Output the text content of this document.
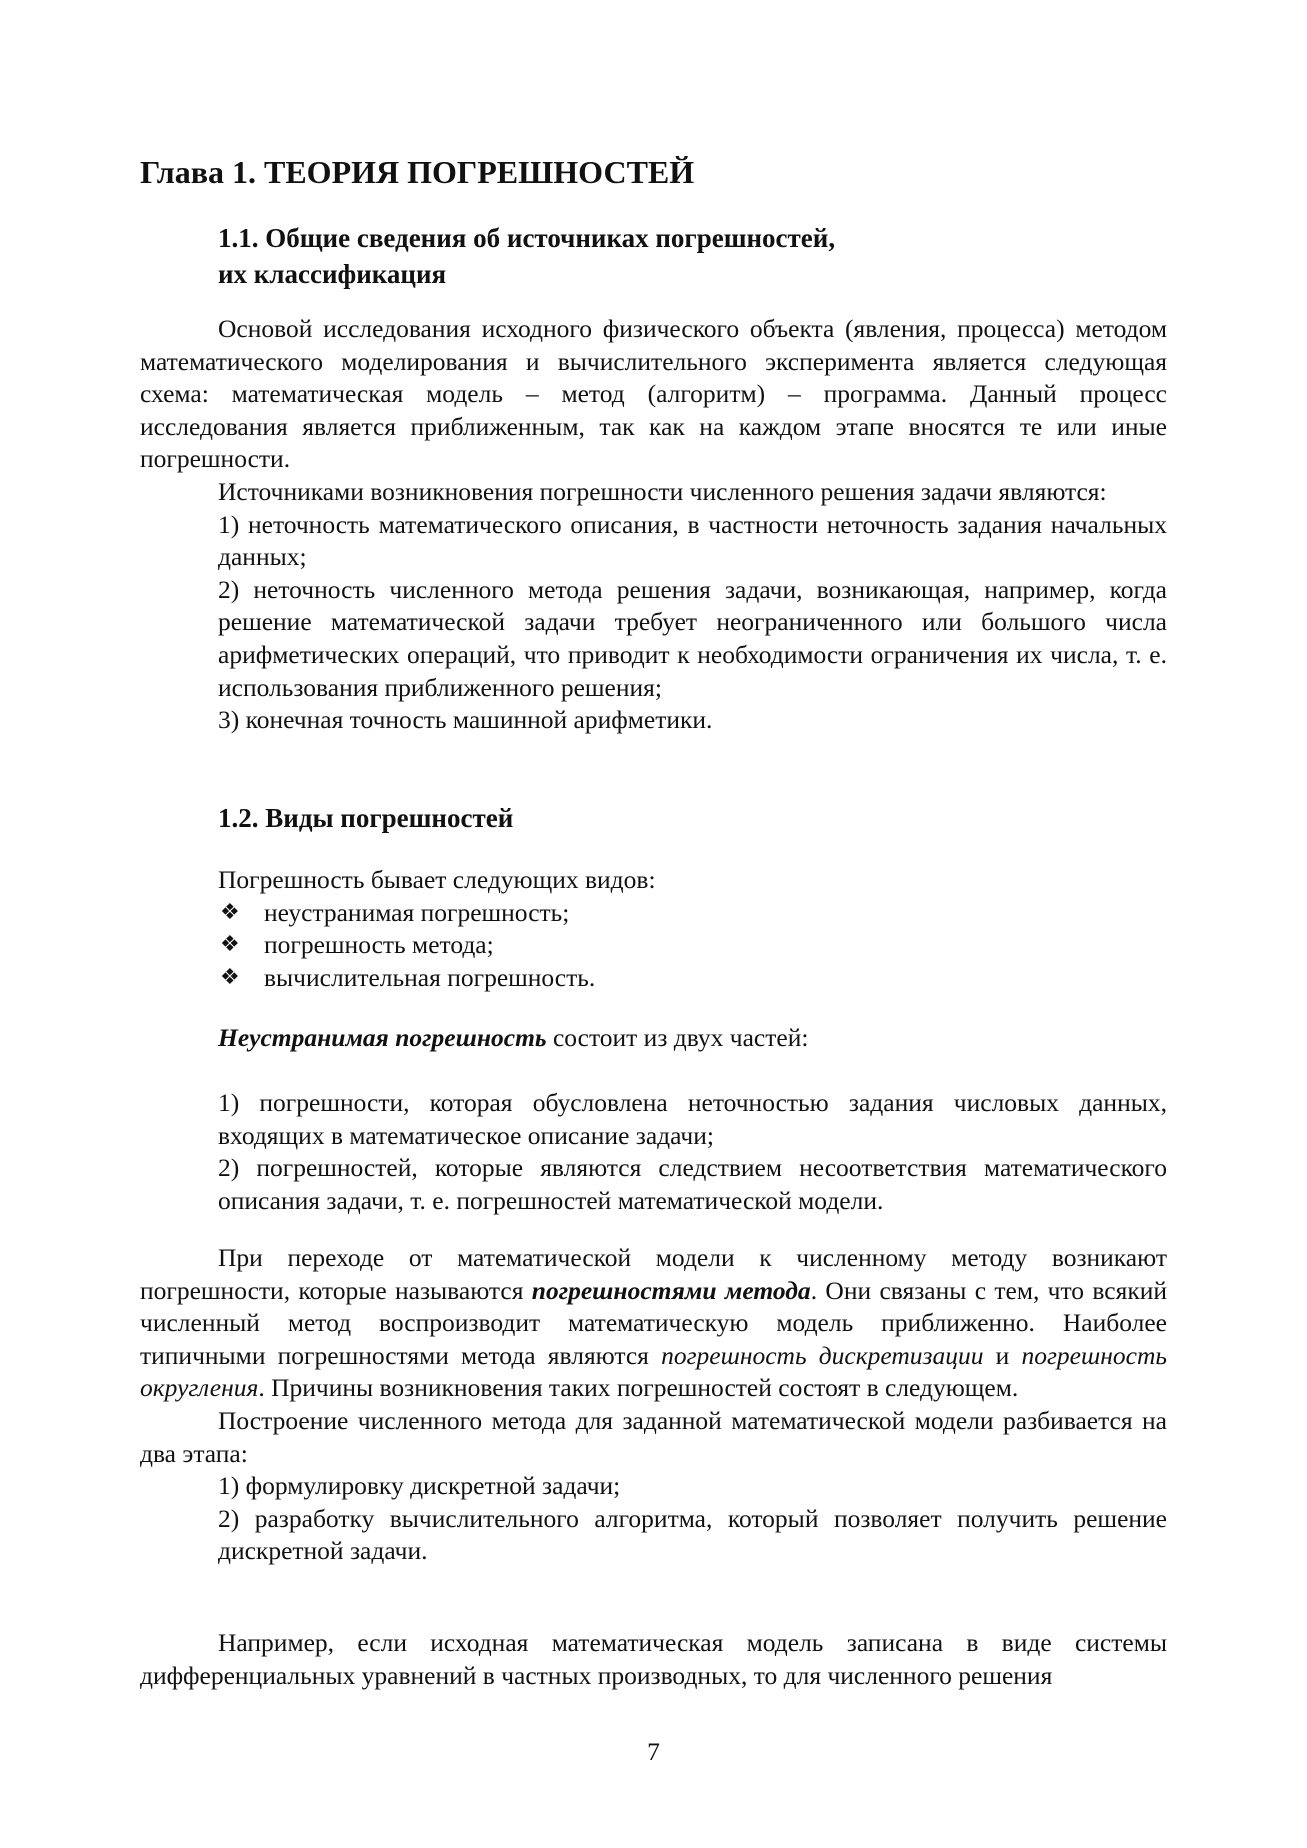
Глава 1. ТЕОРИЯ ПОГРЕШНОСТЕЙ
1.1. Общие сведения об источниках погрешностей,
их классификация

Основой исследования исходного физического объекта (явления, процесса) методом математического моделирования и вычислительного эксперимента является следующая схема: математическая модель – метод (алгоритм) – программа. Данный процесс исследования является приближенным, так как на каждом этапе вносятся те или иные погрешности.

Источниками возникновения погрешности численного решения задачи являются:

1) неточность математического описания, в частности неточность задания начальных данных;

2) неточность численного метода решения задачи, возникающая, например, когда решение математической задачи требует неограниченного или большого числа арифметических операций, что приводит к необходимости ограничения их числа, т. е. использования приближенного решения;

3) конечная точность машинной арифметики.

1.2. Виды погрешностей

Погрешность бывает следующих видов:

❖ неустранимая погрешность;
❖ погрешность метода;
❖ вычислительная погрешность.

Неустранимая погрешность состоит из двух частей:

1) погрешности, которая обусловлена неточностью задания числовых данных, входящих в математическое описание задачи;

2) погрешностей, которые являются следствием несоответствия математического описания задачи, т. е. погрешностей математической модели.

При переходе от математической модели к численному методу возникают погрешности, которые называются погрешностями метода. Они связаны с тем, что всякий численный метод воспроизводит математическую модель приближенно. Наиболее типичными погрешностями метода являются погрешность дискретизации и погрешность округления. Причины возникновения таких погрешностей состоят в следующем.

Построение численного метода для заданной математической модели разбивается на два этапа:

1) формулировку дискретной задачи;

2) разработку вычислительного алгоритма, который позволяет получить решение дискретной задачи.

Например, если исходная математическая модель записана в виде системы дифференциальных уравнений в частных производных, то для численного решения

7
